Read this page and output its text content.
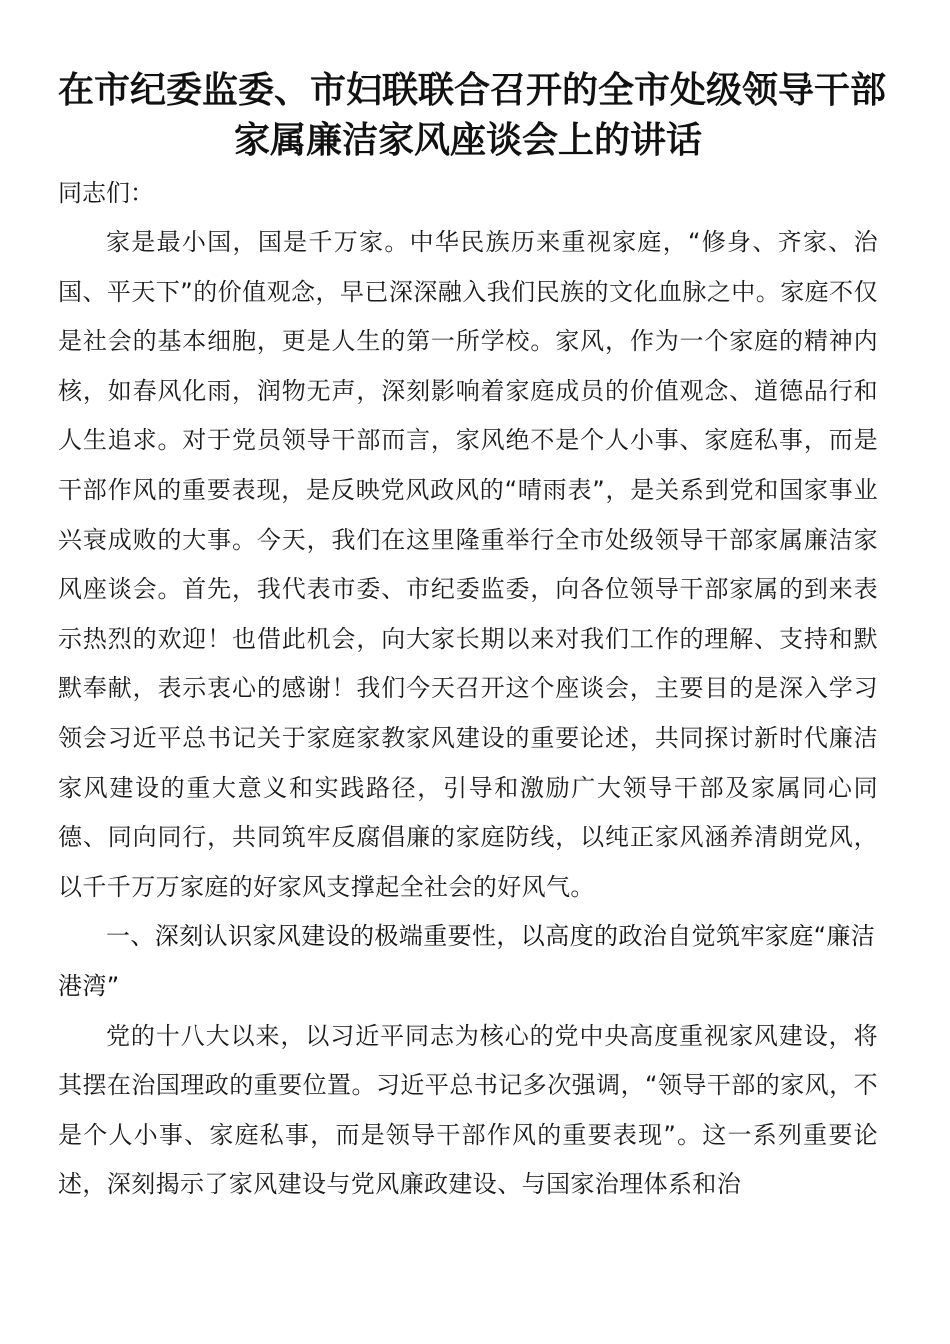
在市纪委监委、市妇联联合召开的全市处级领导干部
家属廉洁家风座谈会上的讲话

同志们：

家是最小国，国是千万家。中华民族历来重视家庭，“修身、齐家、治国、平天下”的价值观念，早已深深融入我们民族的文化血脉之中。家庭不仅是社会的基本细胞，更是人生的第一所学校。家风，作为一个家庭的精神内核，如春风化雨，润物无声，深刻影响着家庭成员的价值观念、道德品行和人生追求。对于党员领导干部而言，家风绝不是个人小事、家庭私事，而是干部作风的重要表现，是反映党风政风的“晴雨表”，是关系到党和国家事业兴衰成败的大事。今天，我们在这里隆重举行全市处级领导干部家属廉洁家风座谈会。首先，我代表市委、市纪委监委，向各位领导干部家属的到来表示热烈的欢迎！也借此机会，向大家长期以来对我们工作的理解、支持和默默奉献，表示衷心的感谢！我们今天召开这个座谈会，主要目的是深入学习领会习近平总书记关于家庭家教家风建设的重要论述，共同探讨新时代廉洁家风建设的重大意义和实践路径，引导和激励广大领导干部及家属同心同德、同向同行，共同筑牢反腐倡廉的家庭防线，以纯正家风涵养清朗党风，以千千万万家庭的好家风支撑起全社会的好风气。

一、深刻认识家风建设的极端重要性，以高度的政治自觉筑牢家庭“廉洁港湾”

党的十八大以来，以习近平同志为核心的党中央高度重视家风建设，将其摆在治国理政的重要位置。习近平总书记多次强调，“领导干部的家风，不是个人小事、家庭私事，而是领导干部作风的重要表现”。这一系列重要论述，深刻揭示了家风建设与党风廉政建设、与国家治理体系和治
